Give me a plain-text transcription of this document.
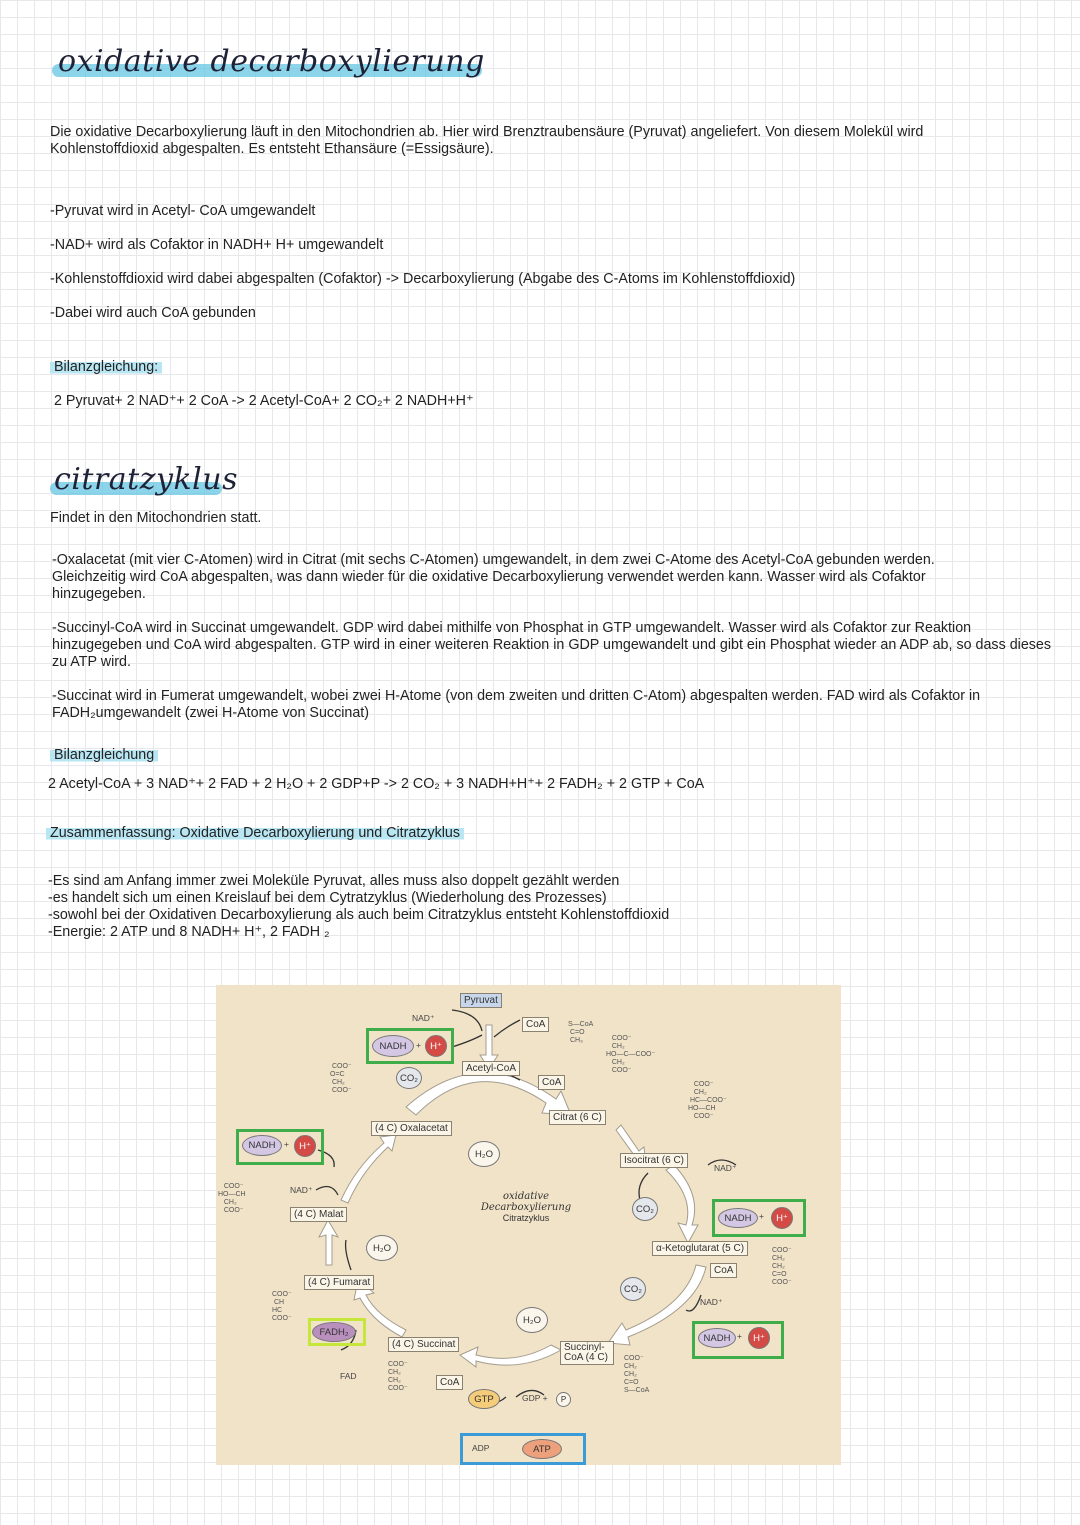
oxidative decarboxylierung
Die oxidative Decarboxylierung läuft in den Mitochondrien ab. Hier wird Brenztraubensäure (Pyruvat) angeliefert. Von diesem Molekül wird Kohlenstoffdioxid abgespalten. Es entsteht Ethansäure (=Essigsäure).
-Pyruvat wird in Acetyl- CoA umgewandelt
-NAD+ wird als Cofaktor in NADH+ H+ umgewandelt
-Kohlenstoffdioxid wird dabei abgespalten (Cofaktor) -> Decarboxylierung (Abgabe des C-Atoms im Kohlenstoffdioxid)
-Dabei wird auch CoA gebunden
Bilanzgleichung:
2 Pyruvat+ 2 NAD⁺+ 2 CoA -> 2 Acetyl-CoA+ 2 CO₂+ 2 NADH+H⁺
citratzyklus
Findet in den Mitochondrien statt.
-Oxalacetat (mit vier C-Atomen) wird in Citrat (mit sechs C-Atomen) umgewandelt, in dem zwei C-Atome des Acetyl-CoA gebunden werden. Gleichzeitig wird CoA abgespalten, was dann wieder für die oxidative Decarboxylierung verwendet werden kann. Wasser wird als Cofaktor hinzugegeben.
-Succinyl-CoA wird in Succinat umgewandelt. GDP wird dabei mithilfe von Phosphat in GTP umgewandelt. Wasser wird als Cofaktor zur Reaktion hinzugegeben und CoA wird abgespalten. GTP wird in einer weiteren Reaktion in GDP umgewandelt und gibt ein Phosphat wieder an ADP ab, so dass dieses zu ATP wird.
-Succinat wird in Fumerat umgewandelt, wobei zwei H-Atome (von dem zweiten und dritten C-Atom) abgespalten werden. FAD wird als Cofaktor in FADH₂umgewandelt (zwei H-Atome von Succinat)
Bilanzgleichung
2 Acetyl-CoA + 3 NAD⁺+ 2 FAD + 2 H₂O + 2 GDP+P -> 2 CO₂ + 3 NADH+H⁺+ 2 FADH₂ + 2 GTP + CoA
Zusammenfassung: Oxidative Decarboxylierung und Citratzyklus
-Es sind am Anfang immer zwei Moleküle Pyruvat, alles muss also doppelt gezählt werden
-es handelt sich um einen Kreislauf bei dem Cytratzyklus (Wiederholung des Prozesses)
-sowohl bei der Oxidativen Decarboxylierung als auch beim Citratzyklus entsteht Kohlenstoffdioxid
-Energie: 2 ATP und 8 NADH+ H⁺, 2 FADH ₂
Pyruvat
NAD⁺
CoA	S—CoA
C=O
CH₃
Acetyl-CoA
CoA
NADH	+ H⁺
CO₂
COO⁻
O=C
CH₂
COO⁻
(4 C) Oxalacetat
H₂O
Citrat (6 C)
COO⁻
CH₂
HO—C—COO⁻
CH₂
COO⁻
Isocitrat (6 C)
COO⁻
CH₂
HC—COO⁻
HO—CH
COO⁻
NAD⁺
CO₂
NADH +	H⁺
α-Ketoglutarat (5 C)	COO⁻
CH₂
CH₂
C=O
COO⁻
CoA
CO₂
NAD⁺
NADH +	H⁺
Succinyl-CoA (4 C)	COO⁻
CH₂
CH₂
C=O
S—CoA
H₂O
CoA
GTP	GDP +	P
ADP	ATP
(4 C) Succinat
COO⁻
CH₂
CH₂
COO⁻
FAD
FADH₂
(4 C) Fumarat
COO⁻
CH
HC
COO⁻
H₂O
(4 C) Malat
COO⁻
HO—CH
CH₂
COO⁻
NAD⁺
NADH	+	H⁺
oxidative
Decarboxylierung
Citratzyklus
